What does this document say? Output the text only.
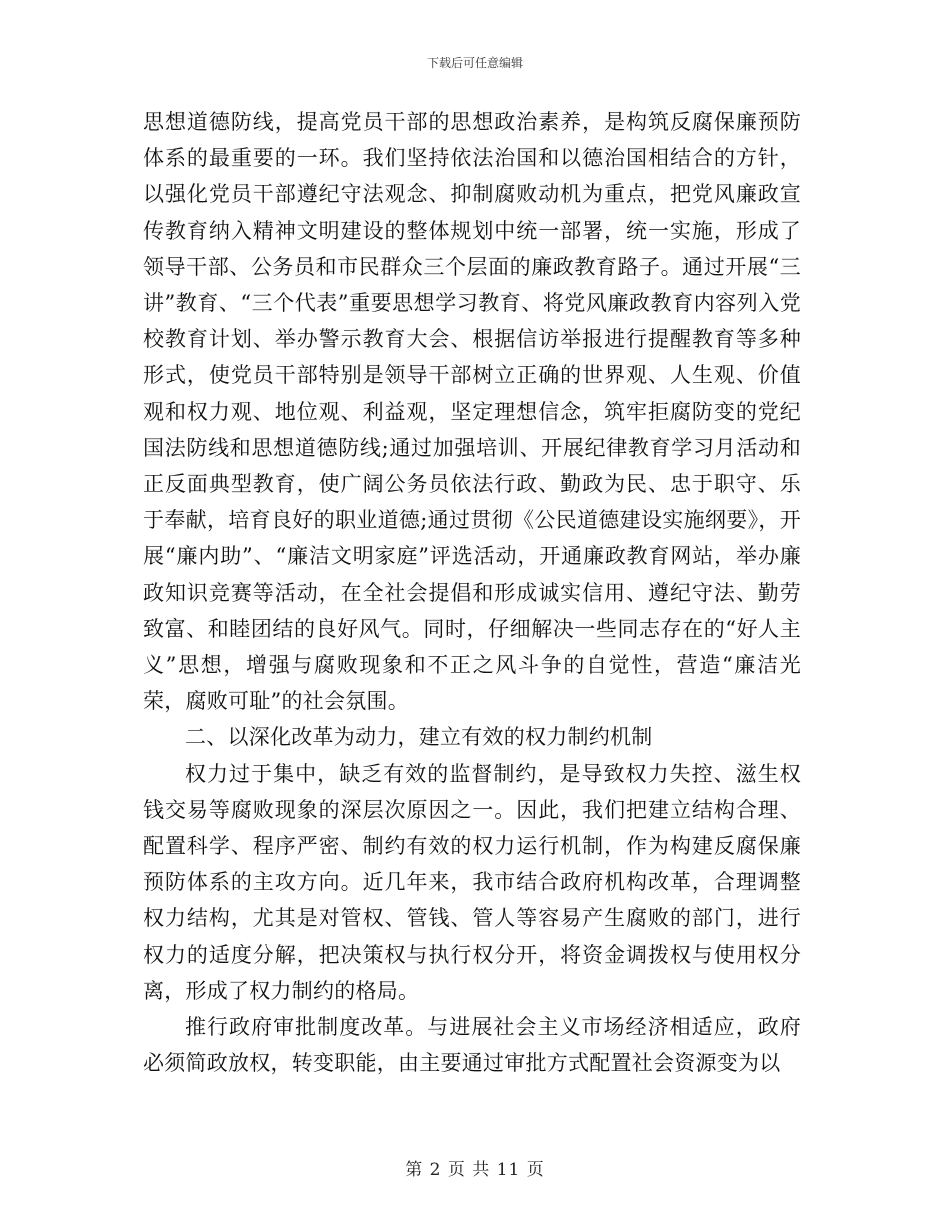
下载后可任意编辑

思想道德防线，提高党员干部的思想政治素养，是构筑反腐保廉预防体系的最重要的一环。我们坚持依法治国和以德治国相结合的方针，以强化党员干部遵纪守法观念、抑制腐败动机为重点，把党风廉政宣传教育纳入精神文明建设的整体规划中统一部署，统一实施，形成了领导干部、公务员和市民群众三个层面的廉政教育路子。通过开展“三讲”教育、“三个代表”重要思想学习教育、将党风廉政教育内容列入党校教育计划、举办警示教育大会、根据信访举报进行提醒教育等多种形式，使党员干部特别是领导干部树立正确的世界观、人生观、价值观和权力观、地位观、利益观，坚定理想信念，筑牢拒腐防变的党纪国法防线和思想道德防线;通过加强培训、开展纪律教育学习月活动和正反面典型教育，使广阔公务员依法行政、勤政为民、忠于职守、乐于奉献，培育良好的职业道德;通过贯彻《公民道德建设实施纲要》，开展“廉内助”、“廉洁文明家庭”评选活动，开通廉政教育网站，举办廉政知识竞赛等活动，在全社会提倡和形成诚实信用、遵纪守法、勤劳致富、和睦团结的良好风气。同时，仔细解决一些同志存在的“好人主义”思想，增强与腐败现象和不正之风斗争的自觉性，营造“廉洁光荣，腐败可耻”的社会氛围。

二、以深化改革为动力，建立有效的权力制约机制

权力过于集中，缺乏有效的监督制约，是导致权力失控、滋生权钱交易等腐败现象的深层次原因之一。因此，我们把建立结构合理、配置科学、程序严密、制约有效的权力运行机制，作为构建反腐保廉预防体系的主攻方向。近几年来，我市结合政府机构改革，合理调整权力结构，尤其是对管权、管钱、管人等容易产生腐败的部门，进行权力的适度分解，把决策权与执行权分开，将资金调拨权与使用权分离，形成了权力制约的格局。

推行政府审批制度改革。与进展社会主义市场经济相适应，政府必须简政放权，转变职能，由主要通过审批方式配置社会资源变为以

第 2 页 共 11 页
